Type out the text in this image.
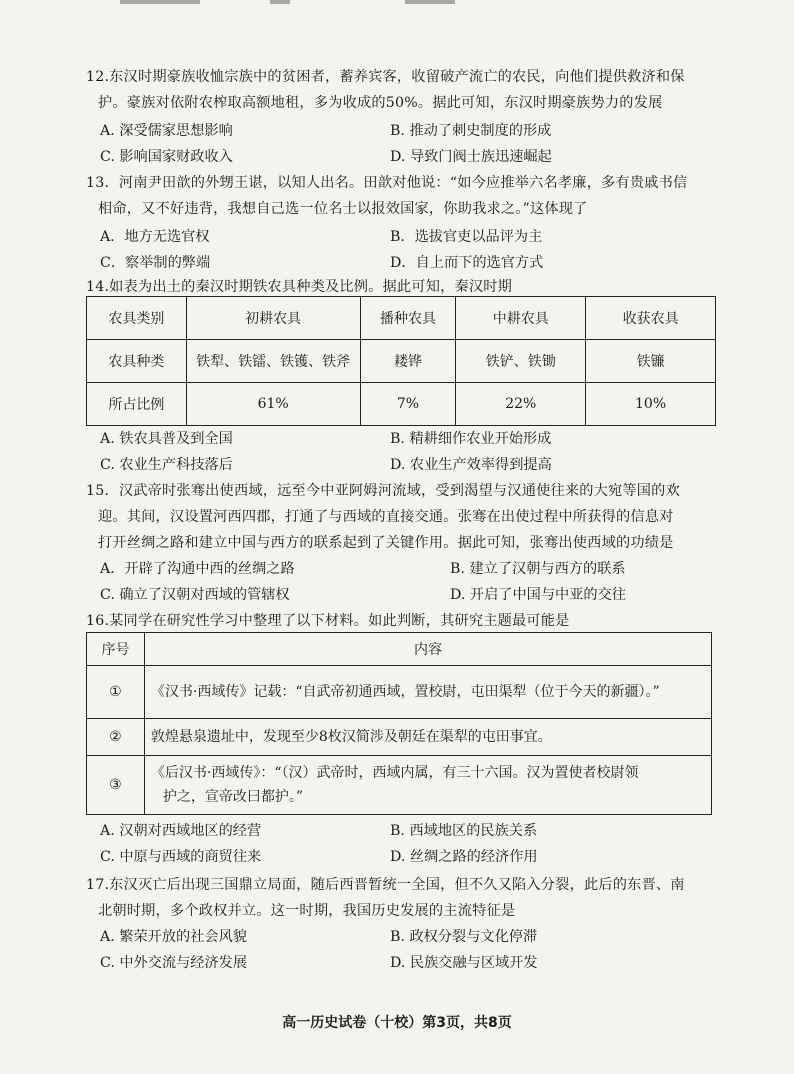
12.东汉时期豪族收恤宗族中的贫困者，蓄养宾客，收留破产流亡的农民，向他们提供救济和保
护。豪族对依附农榨取高额地租，多为收成的50%。据此可知，东汉时期豪族势力的发展
A. 深受儒家思想影响	B. 推动了刺史制度的形成
C. 影响国家财政收入	D. 导致门阀士族迅速崛起
13．河南尹田歆的外甥王谌，以知人出名。田歆对他说：“如今应推举六名孝廉，多有贵戚书信
相命，又不好违背，我想自己选一位名士以报效国家，你助我求之。”这体现了
A．地方无选官权	B．选拔官吏以品评为主
C．察举制的弊端	D．自上而下的选官方式
14.如表为出土的秦汉时期铁农具种类及比例。据此可知，秦汉时期
农具类别	初耕农具	播种农具	中耕农具	收获农具
农具种类	铁犁、铁镭、铁镬、铁斧	耧铧	铁铲、铁锄	铁镰
所占比例	61%	7%	22%	10%
A. 铁农具普及到全国	B. 精耕细作农业开始形成
C. 农业生产科技落后	D. 农业生产效率得到提高
15．汉武帝时张骞出使西域，远至今中亚阿姆河流域，受到渴望与汉通使往来的大宛等国的欢
迎。其间，汉设置河西四郡，打通了与西域的直接交通。张骞在出使过程中所获得的信息对
打开丝绸之路和建立中国与西方的联系起到了关键作用。据此可知，张骞出使西域的功绩是
A．开辟了沟通中西的丝绸之路	B. 建立了汉朝与西方的联系
C. 确立了汉朝对西域的管辖权	D. 开启了中国与中亚的交往
16.某同学在研究性学习中整理了以下材料。如此判断，其研究主题最可能是
序号	内容
①	《汉书·西域传》记载：“自武帝初通西域，置校尉，屯田渠犁（位于今天的新疆）。”

②	敦煌悬泉遗址中，发现至少8枚汉简涉及朝廷在渠犁的屯田事宜。

③	《后汉书·西域传》：“（汉）武帝时，西域内属，有三十六国。汉为置使者校尉领
护之，宣帝改曰都护。”
A. 汉朝对西域地区的经营	B. 西域地区的民族关系
C. 中原与西域的商贸往来	D. 丝绸之路的经济作用
17.东汉灭亡后出现三国鼎立局面，随后西晋暂统一全国，但不久又陷入分裂，此后的东晋、南
北朝时期，多个政权并立。这一时期，我国历史发展的主流特征是
A. 繁荣开放的社会风貌	B. 政权分裂与文化停滞
C. 中外交流与经济发展	D. 民族交融与区域开发
高一历史试卷（十校）第3页，共8页
